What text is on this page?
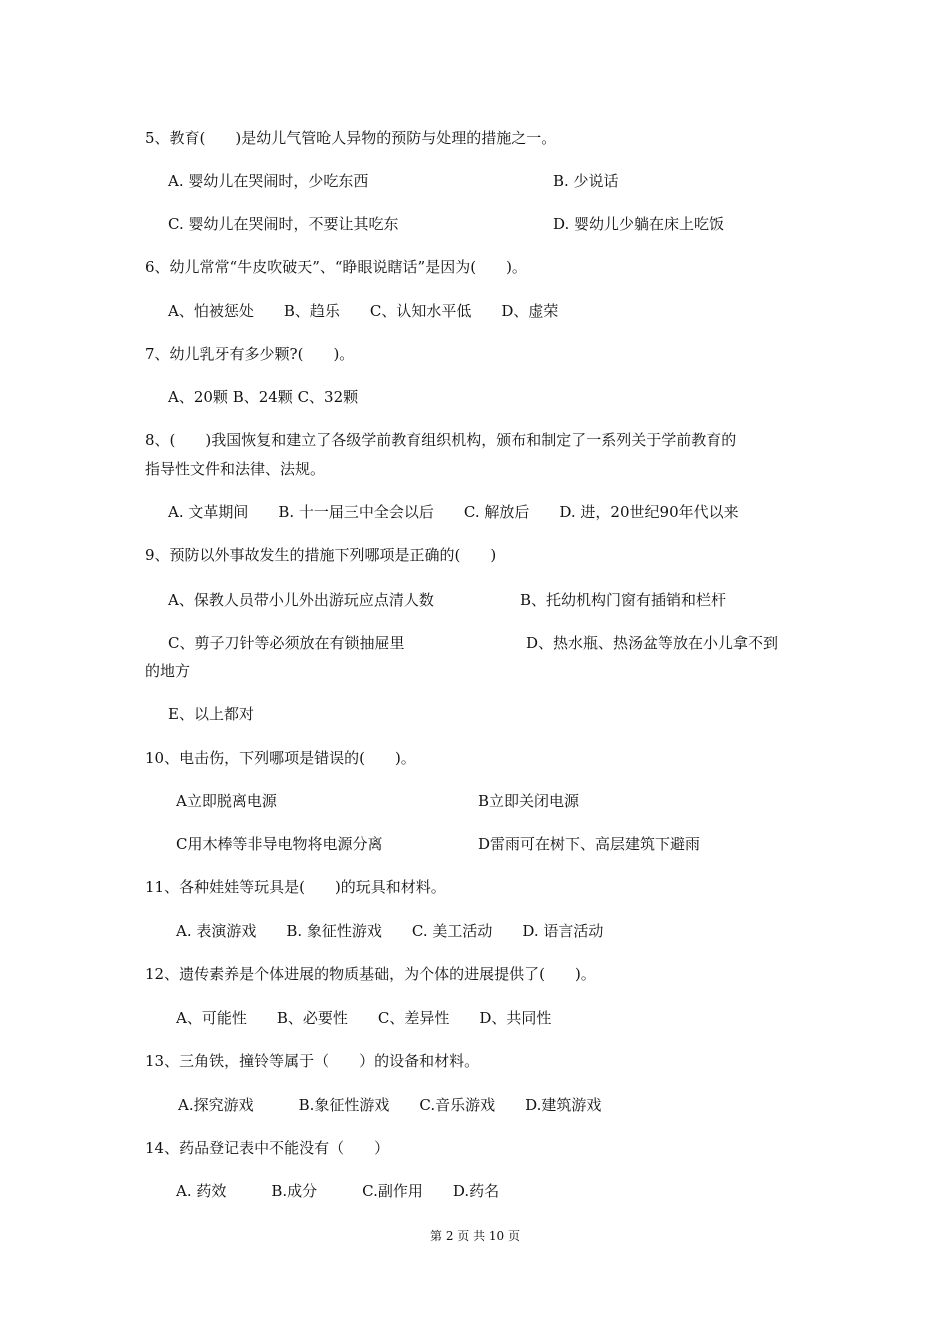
5、教育(　　)是幼儿气管呛人异物的预防与处理的措施之一。
A. 婴幼儿在哭闹时，少吃东西	B. 少说话
C. 婴幼儿在哭闹时，不要让其吃东	D. 婴幼儿少躺在床上吃饭
6、幼儿常常“牛皮吹破天”、“睁眼说瞎话”是因为(　　)。
A、怕被惩处　　B、趋乐　　C、认知水平低　　D、虚荣
7、幼儿乳牙有多少颗?(　　)。
A、20颗 B、24颗 C、32颗
8、(　　)我国恢复和建立了各级学前教育组织机构，颁布和制定了一系列关于学前教育的
指导性文件和法律、法规。
A. 文革期间　　B. 十一届三中全会以后　　C. 解放后　　D. 进，20世纪90年代以来
9、预防以外事故发生的措施下列哪项是正确的(　　)
A、保教人员带小儿外出游玩应点清人数	B、托幼机构门窗有插销和栏杆
C、剪子刀针等必须放在有锁抽屉里	D、热水瓶、热汤盆等放在小儿拿不到
的地方
E、以上都对
10、电击伤，下列哪项是错误的(　　)。
A立即脱离电源	B立即关闭电源
C用木棒等非导电物将电源分离	D雷雨可在树下、高层建筑下避雨
11、各种娃娃等玩具是(　　)的玩具和材料。
A. 表演游戏　　B. 象征性游戏　　C. 美工活动　　D. 语言活动
12、遗传素养是个体进展的物质基础，为个体的进展提供了(　　)。
A、可能性　　B、必要性　　C、差异性　　D、共同性
13、三角铁，撞铃等属于（　　）的设备和材料。
A.探究游戏　　　B.象征性游戏　　C.音乐游戏　　D.建筑游戏
14、药品登记表中不能没有（　　）
A. 药效　　　B.成分　　　C.副作用　　D.药名
第 2 页 共 10 页
